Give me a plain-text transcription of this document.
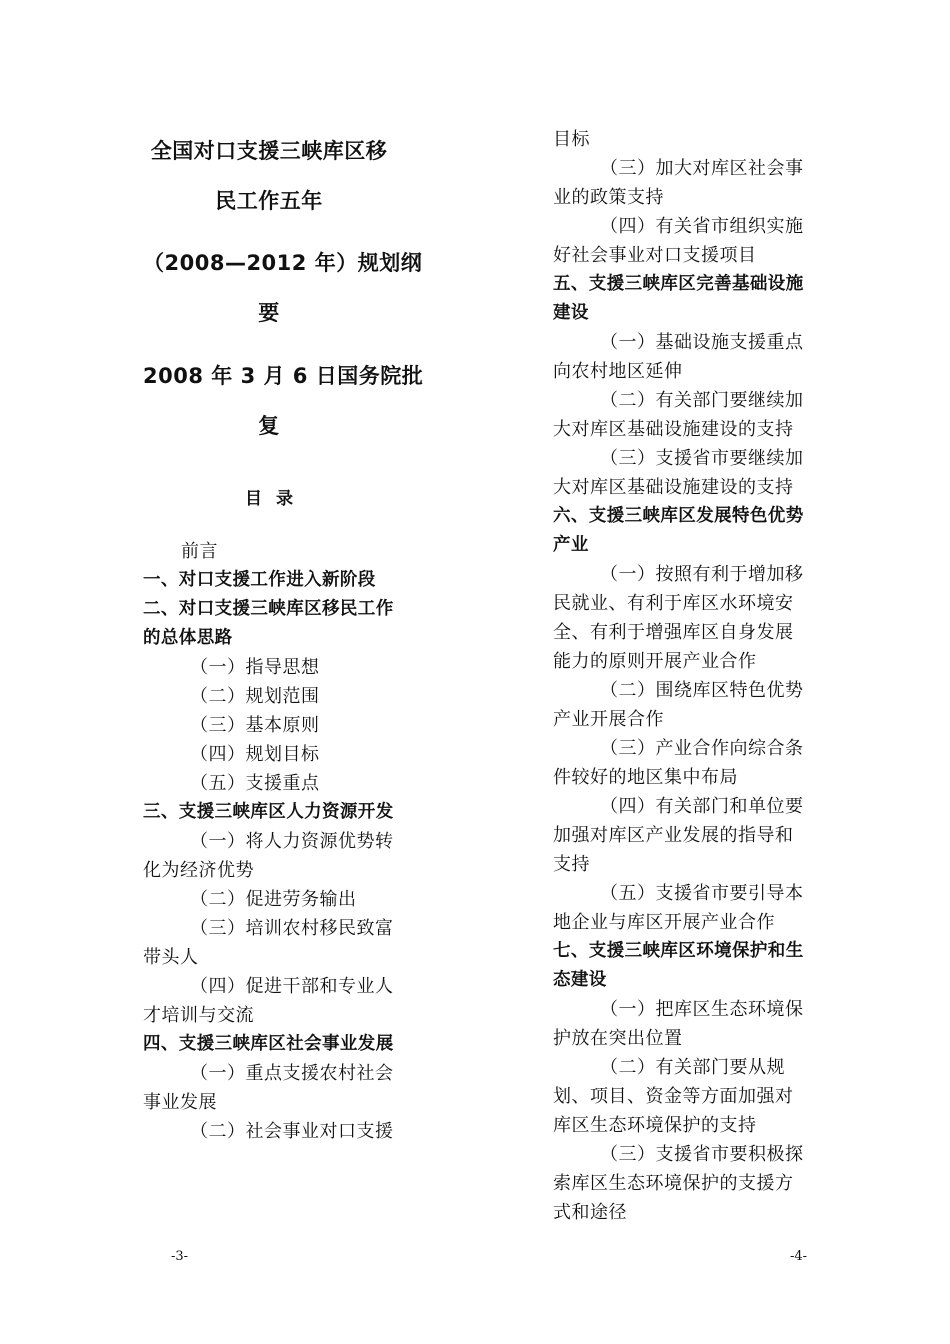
全国对口支援三峡库区移
民工作五年
（2008—2012 年）规划纲
要
2008 年 3 月 6 日国务院批
复
目录
前言
一、对口支援工作进入新阶段
二、对口支援三峡库区移民工作的总体思路
（一）指导思想
（二）规划范围
（三）基本原则
（四）规划目标
（五）支援重点
三、支援三峡库区人力资源开发
（一）将人力资源优势转化为经济优势
（二）促进劳务输出
（三）培训农村移民致富带头人
（四）促进干部和专业人才培训与交流
四、支援三峡库区社会事业发展
（一）重点支援农村社会事业发展
（二）社会事业对口支援
目标
（三）加大对库区社会事业的政策支持
（四）有关省市组织实施好社会事业对口支援项目
五、支援三峡库区完善基础设施建设
（一）基础设施支援重点向农村地区延伸
（二）有关部门要继续加大对库区基础设施建设的支持
（三）支援省市要继续加大对库区基础设施建设的支持
六、支援三峡库区发展特色优势产业
（一）按照有利于增加移民就业、有利于库区水环境安全、有利于增强库区自身发展能力的原则开展产业合作
（二）围绕库区特色优势产业开展合作
（三）产业合作向综合条件较好的地区集中布局
（四）有关部门和单位要加强对库区产业发展的指导和支持
（五）支援省市要引导本地企业与库区开展产业合作
七、支援三峡库区环境保护和生态建设
（一）把库区生态环境保护放在突出位置
（二）有关部门要从规划、项目、资金等方面加强对库区生态环境保护的支持
（三）支援省市要积极探索库区生态环境保护的支援方式和途径
-3-	-4-
